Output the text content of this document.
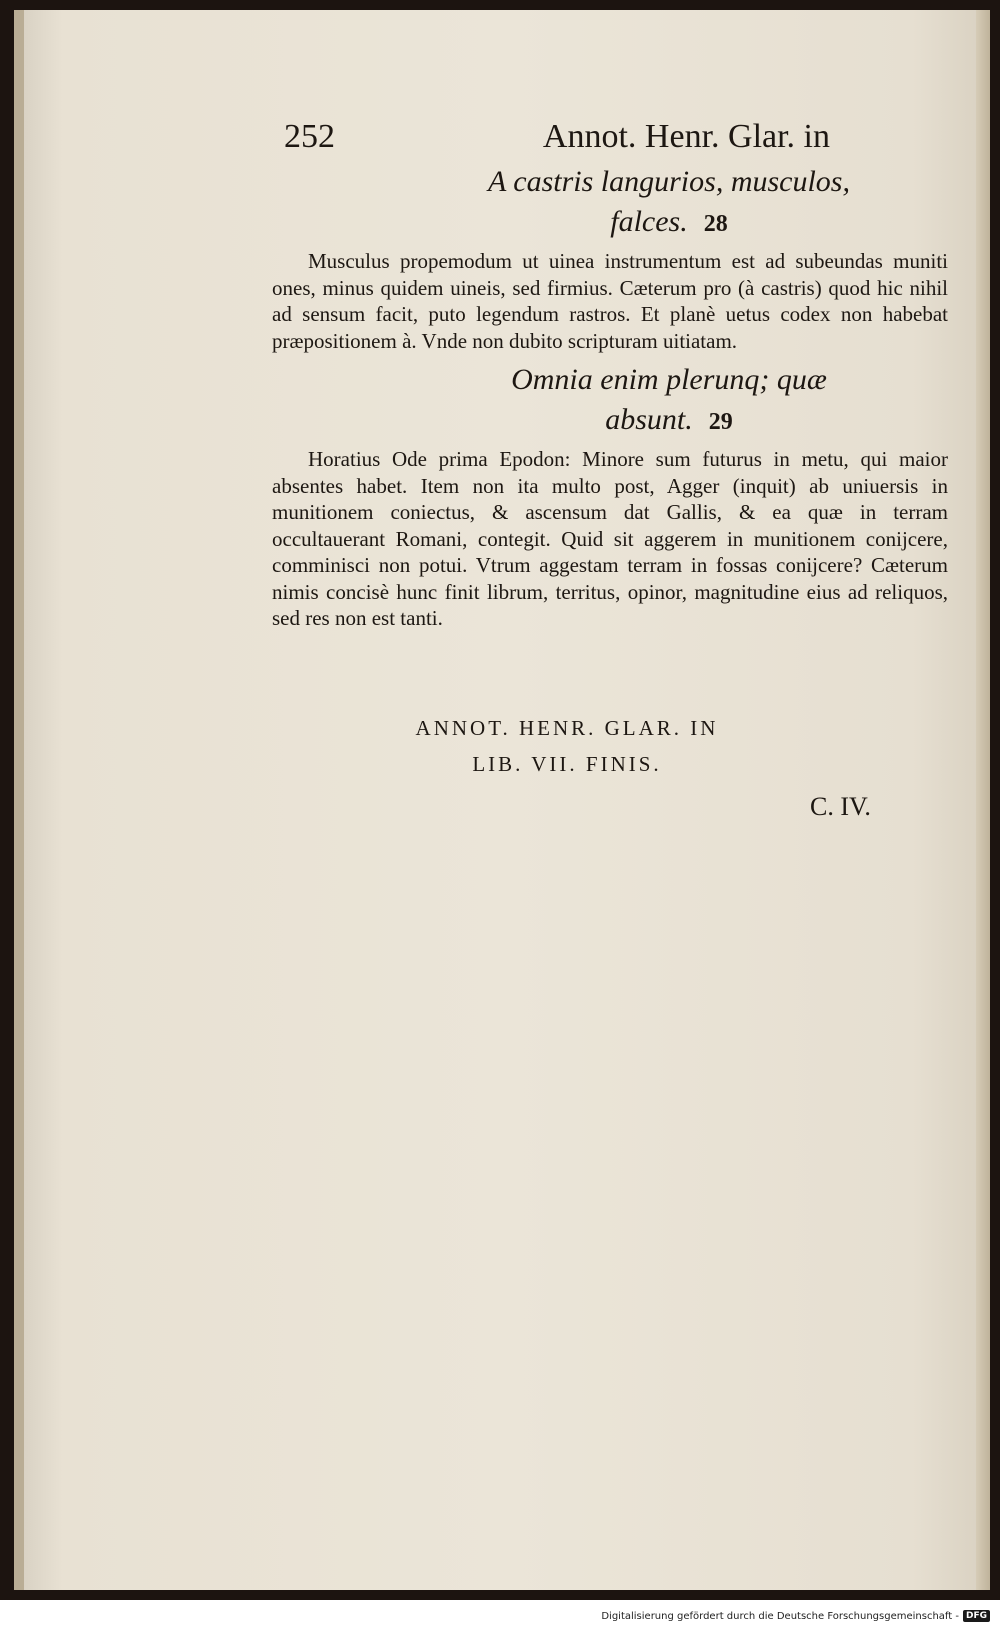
252	Annot. Henr. Glar. in
A castris langurios, musculos,
falces. 28

Musculus propemodum ut uinea instrumentum est ad subeundas muniti ones, minus quidem uineis, sed firmius. Cæterum pro (à castris) quod hic nihil ad sensum facit, puto legendum rastros. Et planè uetus codex non habebat præpositionem à. Vnde non dubito scripturam uitiatam.

Omnia enim plerunq; quæ
absunt. 29

Horatius Ode prima Epodon: Minore sum futurus in metu, qui maior absentes habet. Item non ita multo post, Agger (inquit) ab uniuersis in munitionem coniectus, & ascensum dat Gallis, & ea quæ in terram occultauerant Romani, contegit. Quid sit aggerem in munitionem conijcere, comminisci non potui. Vtrum aggestam terram in fossas conijcere? Cæterum nimis concisè hunc finit librum, territus, opinor, magnitudine eius ad reliquos, sed res non est tanti.

ANNOT. HENR. GLAR. IN
LIB. VII. FINIS.
C. IV.
Digitalisierung gefördert durch die Deutsche Forschungsgemeinschaft - DFG
